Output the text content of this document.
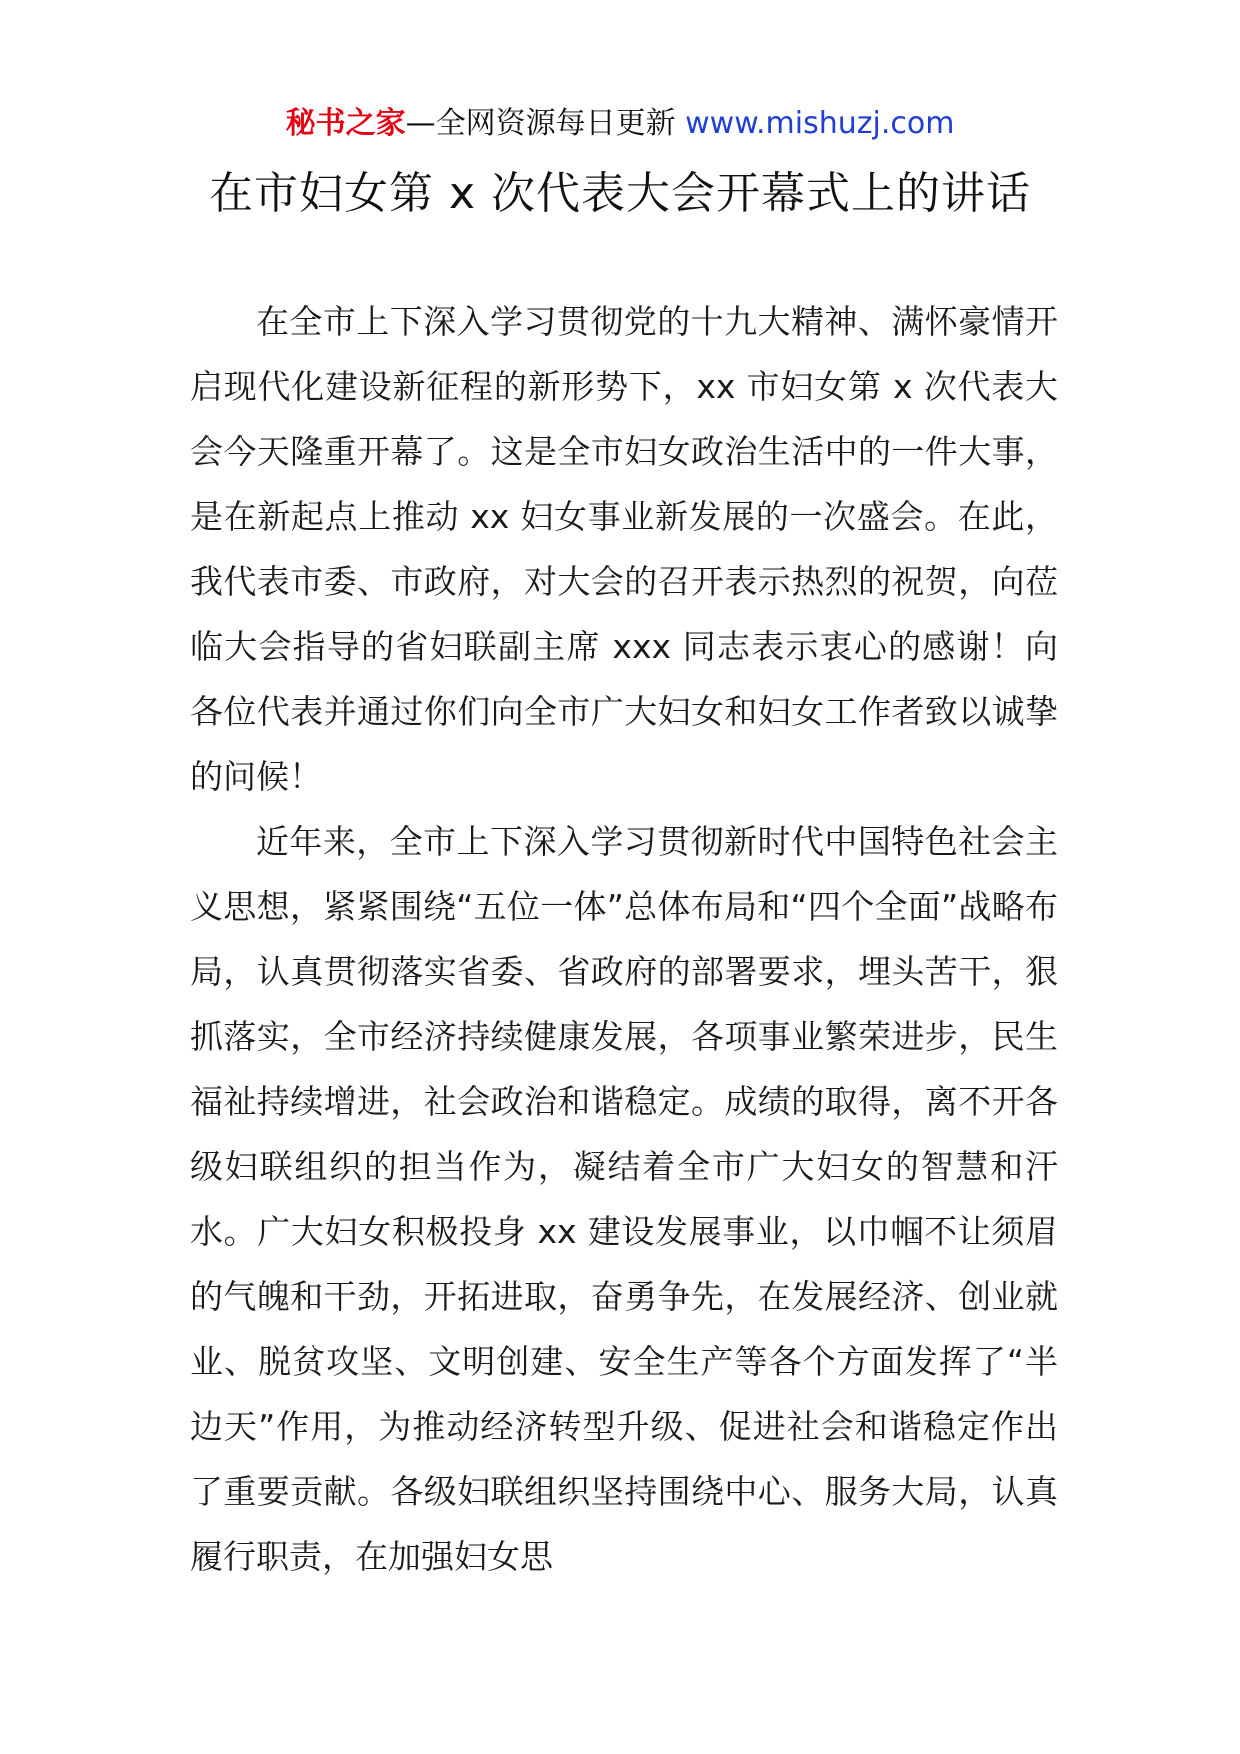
秘书之家—全网资源每日更新 www.mishuzj.com
在市妇女第 x 次代表大会开幕式上的讲话

在全市上下深入学习贯彻党的十九大精神、满怀豪情开启现代化建设新征程的新形势下，xx 市妇女第 x 次代表大会今天隆重开幕了。这是全市妇女政治生活中的一件大事，是在新起点上推动 xx 妇女事业新发展的一次盛会。在此，我代表市委、市政府，对大会的召开表示热烈的祝贺，向莅临大会指导的省妇联副主席 xxx 同志表示衷心的感谢！向各位代表并通过你们向全市广大妇女和妇女工作者致以诚挚的问候！

近年来，全市上下深入学习贯彻新时代中国特色社会主义思想，紧紧围绕“五位一体”总体布局和“四个全面”战略布局，认真贯彻落实省委、省政府的部署要求，埋头苦干，狠抓落实，全市经济持续健康发展，各项事业繁荣进步，民生福祉持续增进，社会政治和谐稳定。成绩的取得，离不开各级妇联组织的担当作为，凝结着全市广大妇女的智慧和汗水。广大妇女积极投身 xx 建设发展事业，以巾帼不让须眉的气魄和干劲，开拓进取，奋勇争先，在发展经济、创业就业、脱贫攻坚、文明创建、安全生产等各个方面发挥了“半边天”作用，为推动经济转型升级、促进社会和谐稳定作出了重要贡献。各级妇联组织坚持围绕中心、服务大局，认真履行职责，在加强妇女思
